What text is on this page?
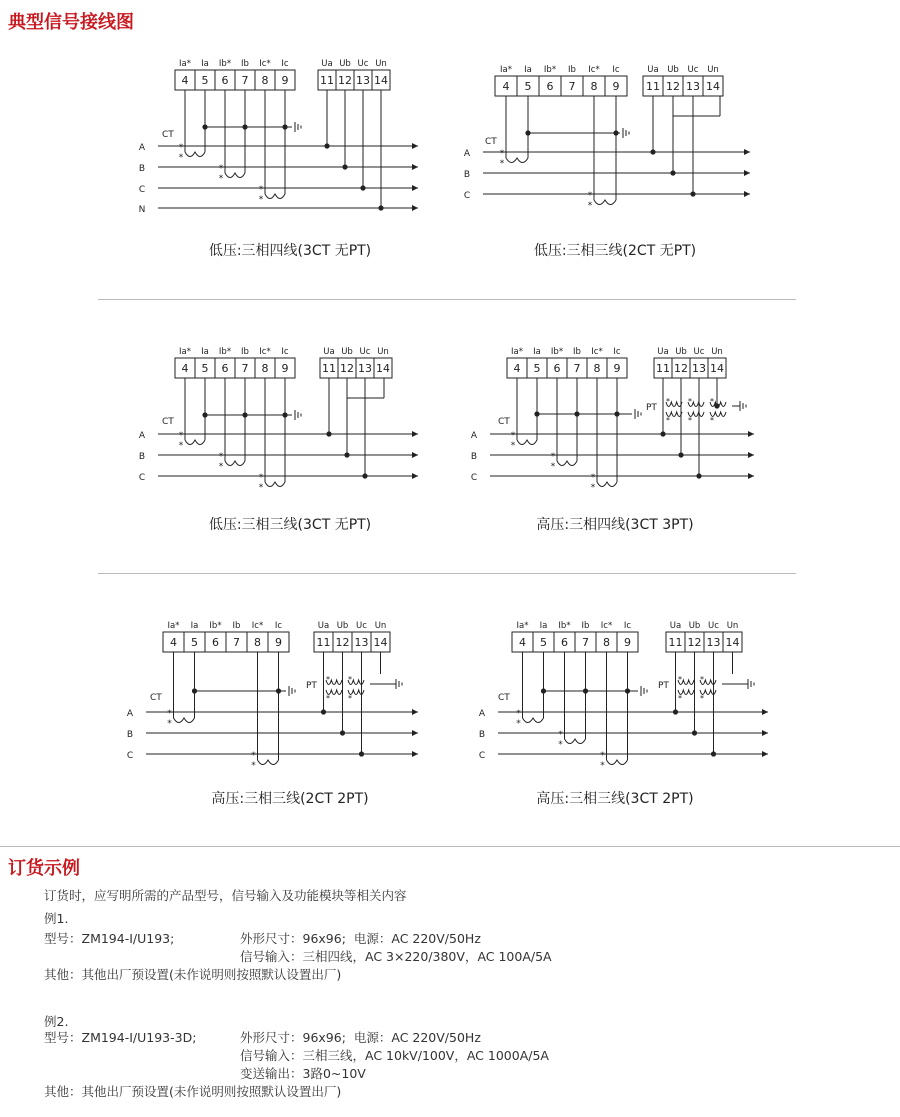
典型信号接线图
Ia* Ia Ib* Ib Ic* Ic
4 5 6 7 8 9
Ua Ub Uc Un
11 12 13 14
A
B
C
N
*
*
*
*
*
*
CT
Ia* Ia Ib* Ib Ic* Ic
4 5 6 7 8 9
Ua Ub Uc Un
11 12 13 14
A
B
C
*
*
*
*
CT
Ia* Ia Ib* Ib Ic* Ic
4 5 6 7 8 9
Ua Ub Uc Un
11 12 13 14
A
B
C
*
*
*
*
*
*
CT
Ia* Ia Ib* Ib Ic* Ic
4 5 6 7 8 9
Ua Ub Uc Un
11 12 13 14
A
B
C
*
*
*
*
*
*
CT
PT
*
*
*
*
*
*
Ia* Ia Ib* Ib Ic* Ic
4 5 6 7 8 9
Ua Ub Uc Un
11 12 13 14
A
B
C
*
*
*
*
CT
PT
*
*
*
*
Ia* Ia Ib* Ib Ic* Ic
4 5 6 7 8 9
Ua Ub Uc Un
11 12 13 14
A
B
C
*
*
*
*
*
*
CT
PT
*
*
*
*
低压:三相四线(3CT 无PT)	低压:三相三线(2CT 无PT)
低压:三相三线(3CT 无PT)	高压:三相四线(3CT 3PT)
高压:三相三线(2CT 2PT)	高压:三相三线(3CT 2PT)
订货示例
订货时，应写明所需的产品型号，信号输入及功能模块等相关内容
例1.
型号：ZM194-I/U193;	外形尺寸：96x96;  电源：AC 220V/50Hz
信号输入：三相四线，AC 3×220/380V，AC 100A/5A
其他：其他出厂预设置(未作说明则按照默认设置出厂)
例2.
型号：ZM194-I/U193-3D;	外形尺寸：96x96;  电源：AC 220V/50Hz
信号输入：三相三线，AC 10kV/100V，AC 1000A/5A
变送输出：3路0~10V
其他：其他出厂预设置(未作说明则按照默认设置出厂)
